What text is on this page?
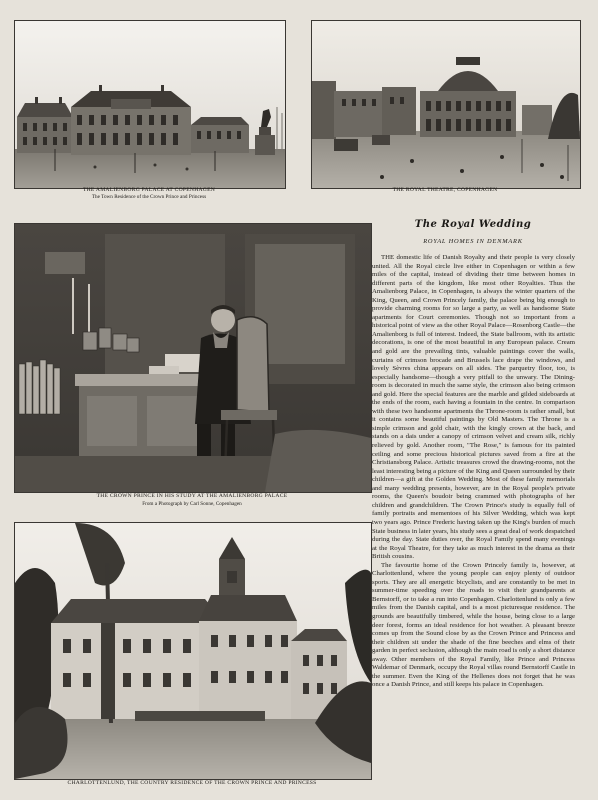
THE AMALIENBORG PALACE AT COPENHAGEN
The Town Residence of the Crown Prince and Princess
THE ROYAL THEATRE, COPENHAGEN
THE CROWN PRINCE IN HIS STUDY AT THE AMALIENBORG PALACE
From a Photograph by Carl Sonne, Copenhagen
CHARLOTTENLUND, THE COUNTRY RESIDENCE OF THE CROWN PRINCE AND PRINCESS
The Royal Wedding
ROYAL HOMES IN DENMARK

THE domestic life of Danish Royalty and their people is very closely united. All the Royal circle live either in Copenhagen or within a few miles of the capital, instead of dividing their time between homes in different parts of the kingdom, like most other Royalties. Thus the Amalienborg Palace, in Copenhagen, is always the winter quarters of the King, Queen, and Crown Princely family, the palace being big enough to provide charming rooms for so large a party, as well as handsome State apartments for Court ceremonies. Though not so important from a historical point of view as the other Royal Palace—Rosenborg Castle—the Amalienborg is full of interest. Indeed, the State ballroom, with its artistic decorations, is one of the most beautiful in any European palace. Cream and gold are the prevailing tints, valuable paintings cover the walls, curtains of crimson brocade and Brussels lace drape the windows, and lovely Sèvres china appears on all sides. The parquetry floor, too, is especially handsome—though a very pitfall to the unwary. The Dining-room is decorated in much the same style, the crimson also being crimson and gold. Here the special features are the marble and gilded sideboards at the ends of the room, each having a fountain in the centre. In comparison with these two handsome apartments the Throne-room is rather small, but it contains some beautiful paintings by Old Masters. The Throne is a simple crimson and gold chair, with the kingly crown at the back, and stands on a dais under a canopy of crimson velvet and cream silk, richly relieved by gold. Another room, "The Rose," is famous for its painted ceiling and some precious historical pictures saved from a fire at the Christiansborg Palace. Artistic treasures crowd the drawing-rooms, not the least interesting being a picture of the King and Queen surrounded by their children—a gift at the Golden Wedding. Most of these family memorials and many wedding presents, however, are in the Royal people's private rooms, the Queen's boudoir being crammed with photographs of her children and grandchildren. The Crown Prince's study is equally full of family portraits and mementoes of his Silver Wedding, which was kept two years ago. Prince Frederic having taken up the King's burden of much State business in later years, his study sees a great deal of work despatched during the day. State duties over, the Royal Family spend many evenings at the Royal Theatre, for they take as much interest in the drama as their British cousins.

The favourite home of the Crown Princely family is, however, at Charlottenlund, where the young people can enjoy plenty of outdoor sports. They are all energetic bicyclists, and are constantly to be met in summer-time speeding over the roads to visit their grandparents at Bernstorff, or to take a run into Copenhagen. Charlottenlund is only a few miles from the Danish capital, and is a most picturesque residence. The grounds are beautifully timbered, while the house, being close to a large deer forest, forms an ideal residence for hot weather. A pleasant breeze comes up from the Sound close by as the Crown Prince and Princess and their children sit under the shade of the fine beeches and elms of their garden in perfect seclusion, although the main road is only a short distance away. Other members of the Royal Family, like Prince and Princess Waldemar of Denmark, occupy the Royal villas round Bernstorff Castle in the summer. Even the King of the Hellenes does not forget that he was once a Danish Prince, and still keeps his palace in Copenhagen.
